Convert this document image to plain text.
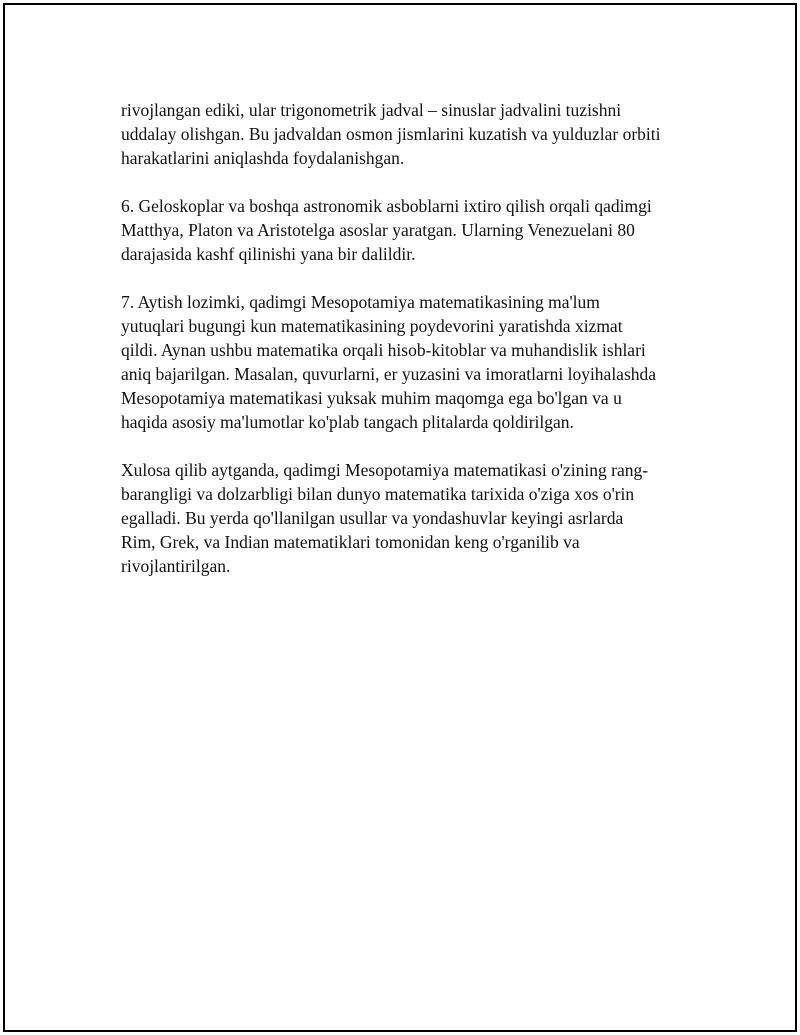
rivojlangan ediki, ular trigonometrik jadval – sinuslar jadvalini tuzishni
uddalay olishgan. Bu jadvaldan osmon jismlarini kuzatish va yulduzlar orbiti
harakatlarini aniqlashda foydalanishgan.

6. Geloskoplar va boshqa astronomik asboblarni ixtiro qilish orqali qadimgi
Matthya, Platon va Aristotelga asoslar yaratgan. Ularning Venezuelani 80
darajasida kashf qilinishi yana bir dalildir.

7. Aytish lozimki, qadimgi Mesopotamiya matematikasining ma'lum
yutuqlari bugungi kun matematikasining poydevorini yaratishda xizmat
qildi. Aynan ushbu matematika orqali hisob-kitoblar va muhandislik ishlari
aniq bajarilgan. Masalan, quvurlarni, er yuzasini va imoratlarni loyihalashda
Mesopotamiya matematikasi yuksak muhim maqomga ega bo'lgan va u
haqida asosiy ma'lumotlar ko'plab tangach plitalarda qoldirilgan.

Xulosa qilib aytganda, qadimgi Mesopotamiya matematikasi o'zining rang-
barangligi va dolzarbligi bilan dunyo matematika tarixida o'ziga xos o'rin
egalladi. Bu yerda qo'llanilgan usullar va yondashuvlar keyingi asrlarda
Rim, Grek, va Indian matematiklari tomonidan keng o'rganilib va
rivojlantirilgan.
